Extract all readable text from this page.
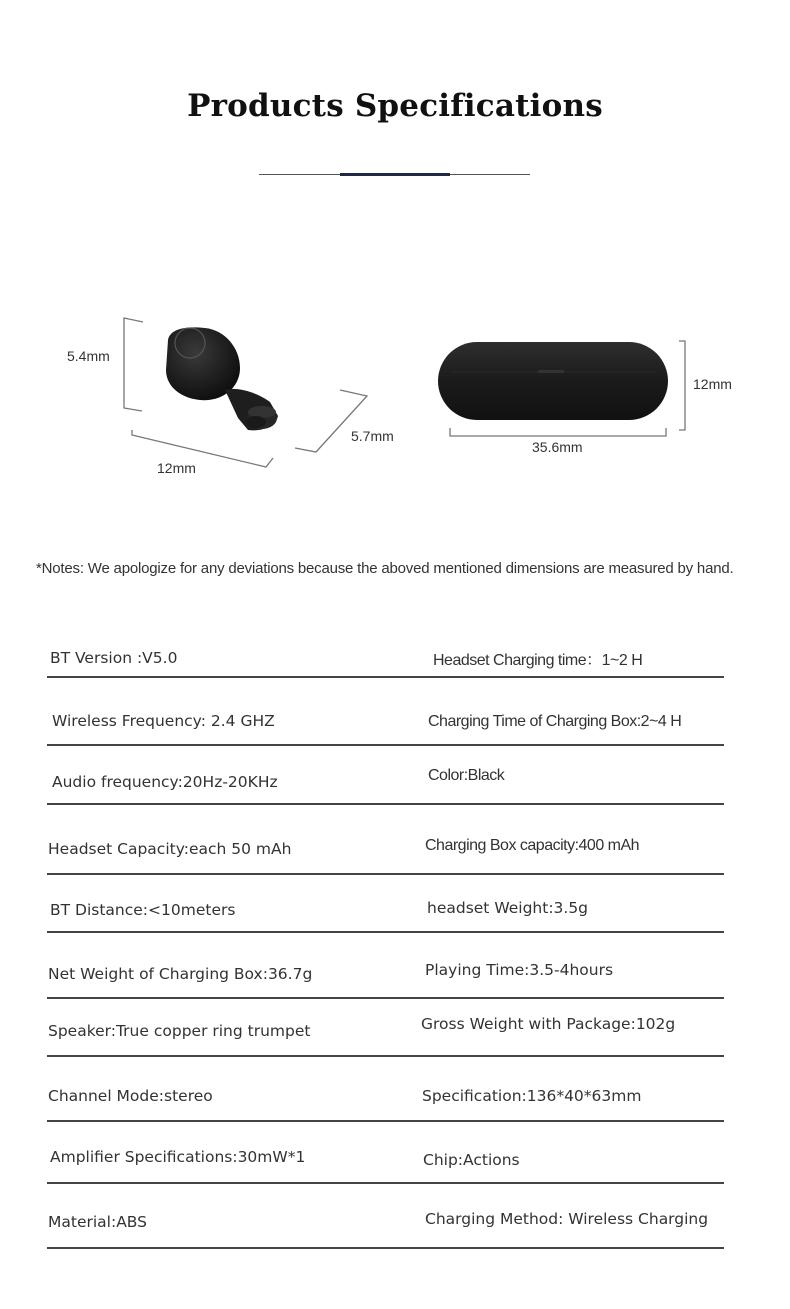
Products Specifications
5.4mm
5.7mm
12mm
12mm
35.6mm
*Notes: We apologize for any deviations because the aboved mentioned dimensions are measured by hand.
BT Version :V5.0	Headset Charging time：1~2 H
Wireless Frequency: 2.4 GHZ	Charging Time of Charging Box:2~4 H
Audio frequency:20Hz-20KHz	Color:Black
Headset Capacity:each 50 mAh	Charging Box capacity:400 mAh
BT Distance:<10meters	headset Weight:3.5g
Net Weight of Charging Box:36.7g	Playing Time:3.5-4hours
Speaker:True copper ring trumpet	Gross Weight with Package:102g
Channel Mode:stereo	Specification:136*40*63mm
Amplifier Specifications:30mW*1	Chip:Actions
Material:ABS	Charging Method: Wireless Charging
